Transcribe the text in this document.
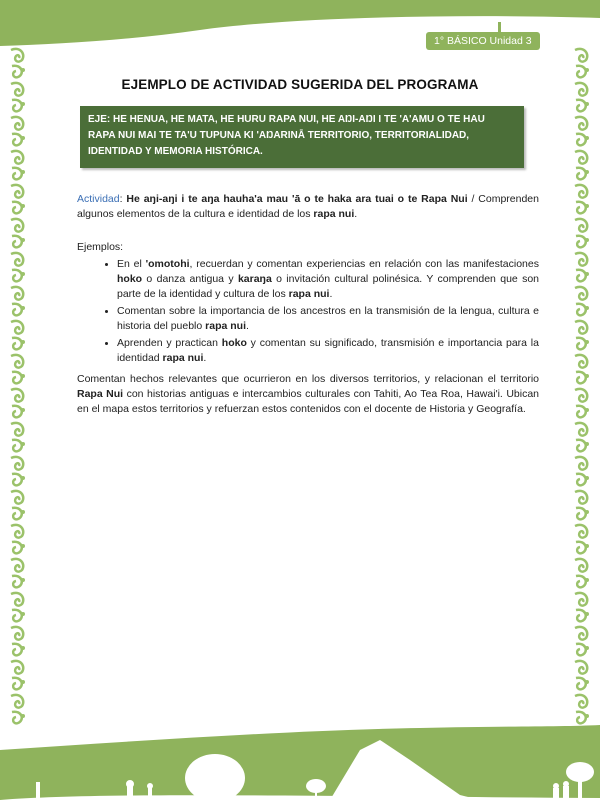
1° BÁSICO Unidad 3
EJEMPLO DE ACTIVIDAD SUGERIDA DEL PROGRAMA
EJE: HE HENUA, HE MATA, HE HURU RAPA NUI, HE AŊI-AŊI I TE 'A'AMU O TE HAU RAPA NUI MAI TE TA'U TUPUNA KI 'AŊARINĀ TERRITORIO, TERRITORIALIDAD, IDENTIDAD Y MEMORIA HISTÓRICA.

Actividad: He aŋi-aŋi i te aŋa hauha'a mau 'ā o te haka ara tuai o te Rapa Nui / Comprenden algunos elementos de la cultura e identidad de los rapa nui.

Ejemplos:
• En el 'omotohi, recuerdan y comentan experiencias en relación con las manifestaciones hoko o danza antigua y karaŋa o invitación cultural polinésica. Y comprenden que son parte de la identidad y cultura de los rapa nui.
• Comentan sobre la importancia de los ancestros en la transmisión de la lengua, cultura e historia del pueblo rapa nui.
• Aprenden y practican hoko y comentan su significado, transmisión e importancia para la identidad rapa nui.

Comentan hechos relevantes que ocurrieron en los diversos territorios, y relacionan el territorio Rapa Nui con historias antiguas e intercambios culturales con Tahiti, Ao Tea Roa, Hawai'i. Ubican en el mapa estos territorios y refuerzan estos contenidos con el docente de Historia y Geografía.
